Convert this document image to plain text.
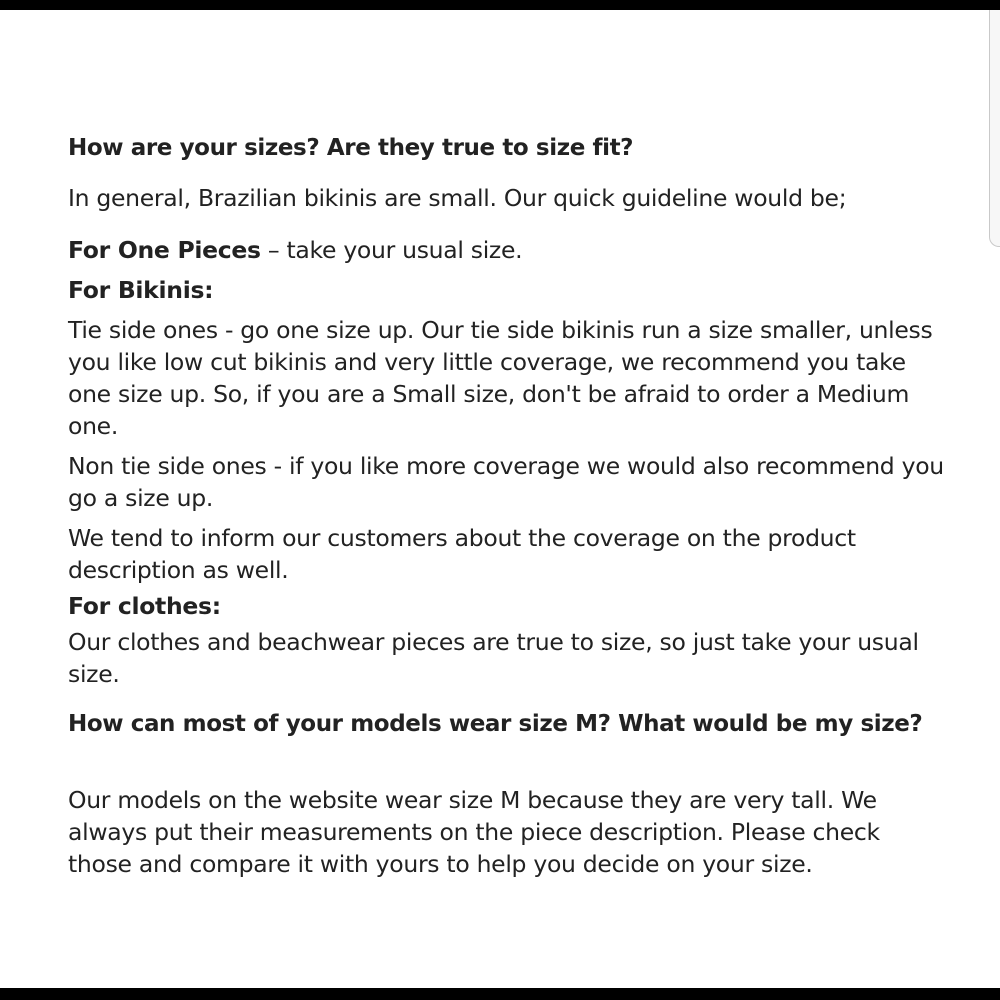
How are your sizes? Are they true to size fit?

In general, Brazilian bikinis are small. Our quick guideline would be;

For One Pieces – take your usual size.

For Bikinis:

Tie side ones - go one size up. Our tie side bikinis run a size smaller, unless you like low cut bikinis and very little coverage, we recommend you take one size up. So, if you are a Small size, don't be afraid to order a Medium one.

Non tie side ones - if you like more coverage we would also recommend you go a size up.

We tend to inform our customers about the coverage on the product description as well.

For clothes:

Our clothes and beachwear pieces are true to size, so just take your usual size.

How can most of your models wear size M? What would be my size?

Our models on the website wear size M because they are very tall. We always put their measurements on the piece description. Please check those and compare it with yours to help you decide on your size.
